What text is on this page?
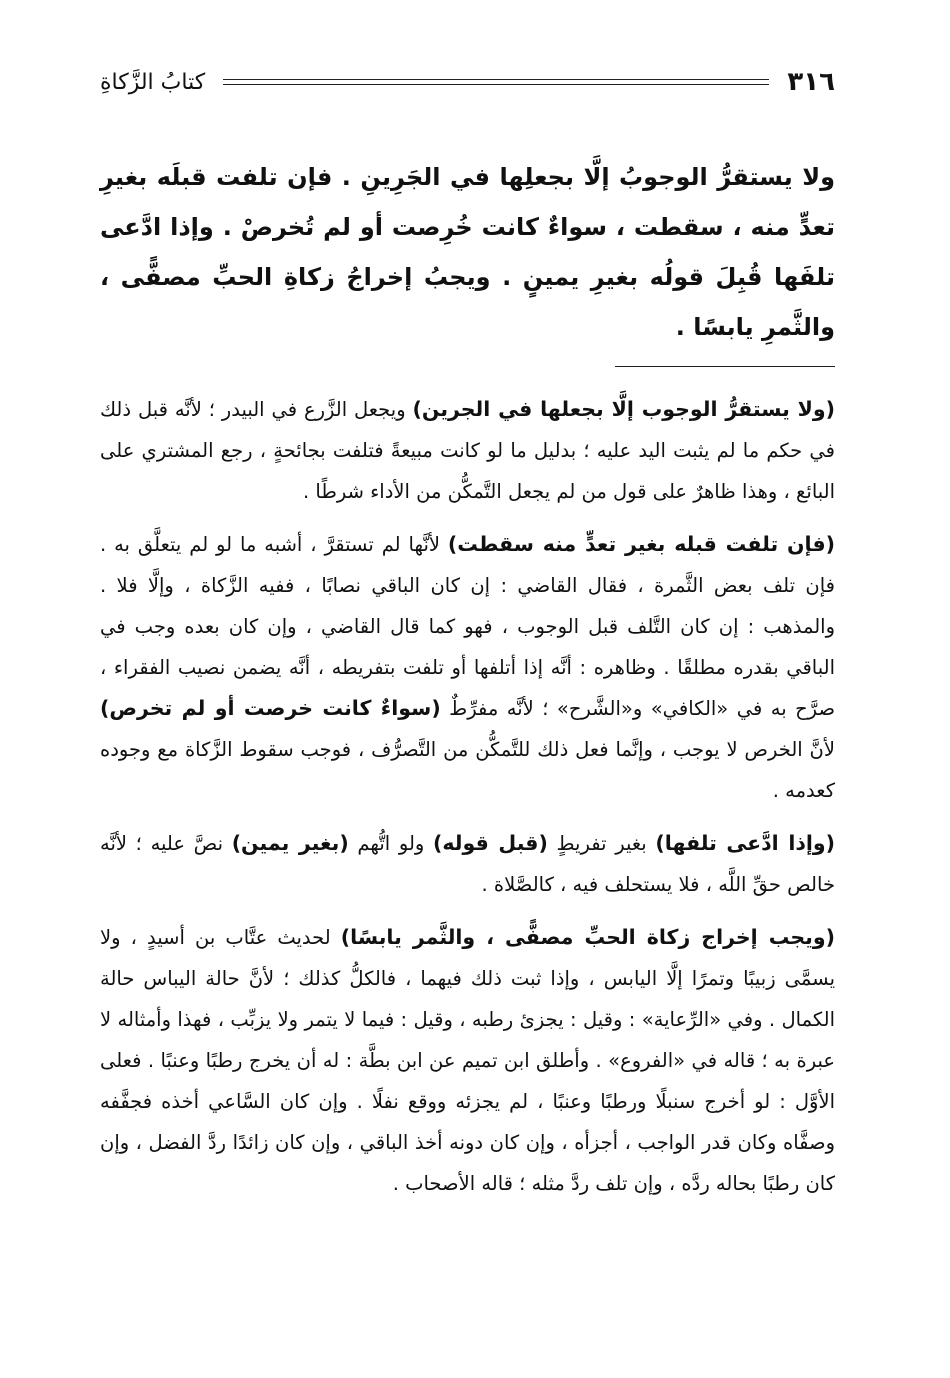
٣١٦
كتابُ الزَّكاةِ
ولا يستقرُّ الوجوبُ إلَّا بجعلِها في الجَرِينِ . فإن تلفت قبلَه بغيرِ تعدٍّ منه ، سقطت ، سواءٌ كانت خُرِصت أو لم تُخرصْ . وإذا ادَّعى تلفَها قُبِلَ قولُه بغيرِ يمينٍ . ويجبُ إخراجُ زكاةِ الحبِّ مصفًّى ، والثَّمرِ يابسًا .

(ولا يستقرُّ الوجوب إلَّا بجعلها في الجرين) ويجعل الزَّرع في البيدر ؛ لأنَّه قبل ذلك في حكم ما لم يثبت اليد عليه ؛ بدليل ما لو كانت مبيعةً فتلفت بجائحةٍ ، رجع المشتري على البائع ، وهذا ظاهرٌ على قول من لم يجعل التَّمكُّن من الأداء شرطًا .

(فإن تلفت قبله بغير تعدٍّ منه سقطت) لأنَّها لم تستقرَّ ، أشبه ما لو لم يتعلَّق به . فإن تلف بعض الثَّمرة ، فقال القاضي : إن كان الباقي نصابًا ، ففيه الزَّكاة ، وإلَّا فلا . والمذهب : إن كان التَّلف قبل الوجوب ، فهو كما قال القاضي ، وإن كان بعده وجب في الباقي بقدره مطلقًا . وظاهره : أنَّه إذا أتلفها أو تلفت بتفريطه ، أنَّه يضمن نصيب الفقراء ، صرَّح به في «الكافي» و«الشَّرح» ؛ لأنَّه مفرِّطٌ (سواءٌ كانت خرصت أو لم تخرص) لأنَّ الخرص لا يوجب ، وإنَّما فعل ذلك للتَّمكُّن من التَّصرُّف ، فوجب سقوط الزَّكاة مع وجوده كعدمه .

(وإذا ادَّعى تلفها) بغير تفريطٍ (قبل قوله) ولو اتُّهم (بغير يمين) نصَّ عليه ؛ لأنَّه خالص حقِّ اللَّه ، فلا يستحلف فيه ، كالصَّلاة .

(ويجب إخراج زكاة الحبِّ مصفًّى ، والثَّمر يابسًا) لحديث عتَّاب بن أسيدٍ ، ولا يسمَّى زبيبًا وتمرًا إلَّا اليابس ، وإذا ثبت ذلك فيهما ، فالكلُّ كذلك ؛ لأنَّ حالة اليباس حالة الكمال . وفي «الرِّعاية» : وقيل : يجزئ رطبه ، وقيل : فيما لا يتمر ولا يزبِّب ، فهذا وأمثاله لا عبرة به ؛ قاله في «الفروع» . وأطلق ابن تميم عن ابن بطَّة : له أن يخرج رطبًا وعنبًا . فعلى الأوَّل : لو أخرج سنبلًا ورطبًا وعنبًا ، لم يجزئه ووقع نفلًا . وإن كان السَّاعي أخذه فجفَّفه وصفَّاه وكان قدر الواجب ، أجزأه ، وإن كان دونه أخذ الباقي ، وإن كان زائدًا ردَّ الفضل ، وإن كان رطبًا بحاله ردَّه ، وإن تلف ردَّ مثله ؛ قاله الأصحاب .
